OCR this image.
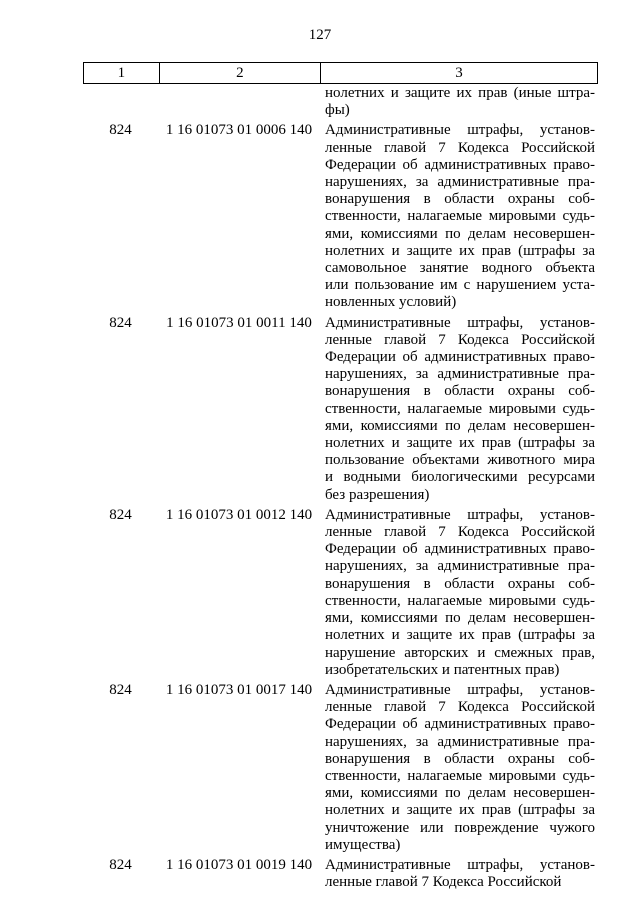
127
1	2	3
нолетних и защите их прав (иные штра-
фы)
824	1 16 01073 01 0006 140 Административные штрафы, установ-
ленные главой 7 Кодекса Российской
Федерации об административных право-
нарушениях, за административные пра-
вонарушения в области охраны соб-
ственности, налагаемые мировыми судь-
ями, комиссиями по делам несовершен-
нолетних и защите их прав (штрафы за
самовольное занятие водного объекта
или пользование им с нарушением уста-
новленных условий)
824	1 16 01073 01 0011 140 Административные штрафы, установ-
ленные главой 7 Кодекса Российской
Федерации об административных право-
нарушениях, за административные пра-
вонарушения в области охраны соб-
ственности, налагаемые мировыми судь-
ями, комиссиями по делам несовершен-
нолетних и защите их прав (штрафы за
пользование объектами животного мира
и водными биологическими ресурсами
без разрешения)
824	1 16 01073 01 0012 140 Административные штрафы, установ-
ленные главой 7 Кодекса Российской
Федерации об административных право-
нарушениях, за административные пра-
вонарушения в области охраны соб-
ственности, налагаемые мировыми судь-
ями, комиссиями по делам несовершен-
нолетних и защите их прав (штрафы за
нарушение авторских и смежных прав,
изобретательских и патентных прав)
824	1 16 01073 01 0017 140 Административные штрафы, установ-
ленные главой 7 Кодекса Российской
Федерации об административных право-
нарушениях, за административные пра-
вонарушения в области охраны соб-
ственности, налагаемые мировыми судь-
ями, комиссиями по делам несовершен-
нолетних и защите их прав (штрафы за
уничтожение или повреждение чужого
имущества)
824	1 16 01073 01 0019 140 Административные штрафы, установ-
ленные главой 7 Кодекса Российской
